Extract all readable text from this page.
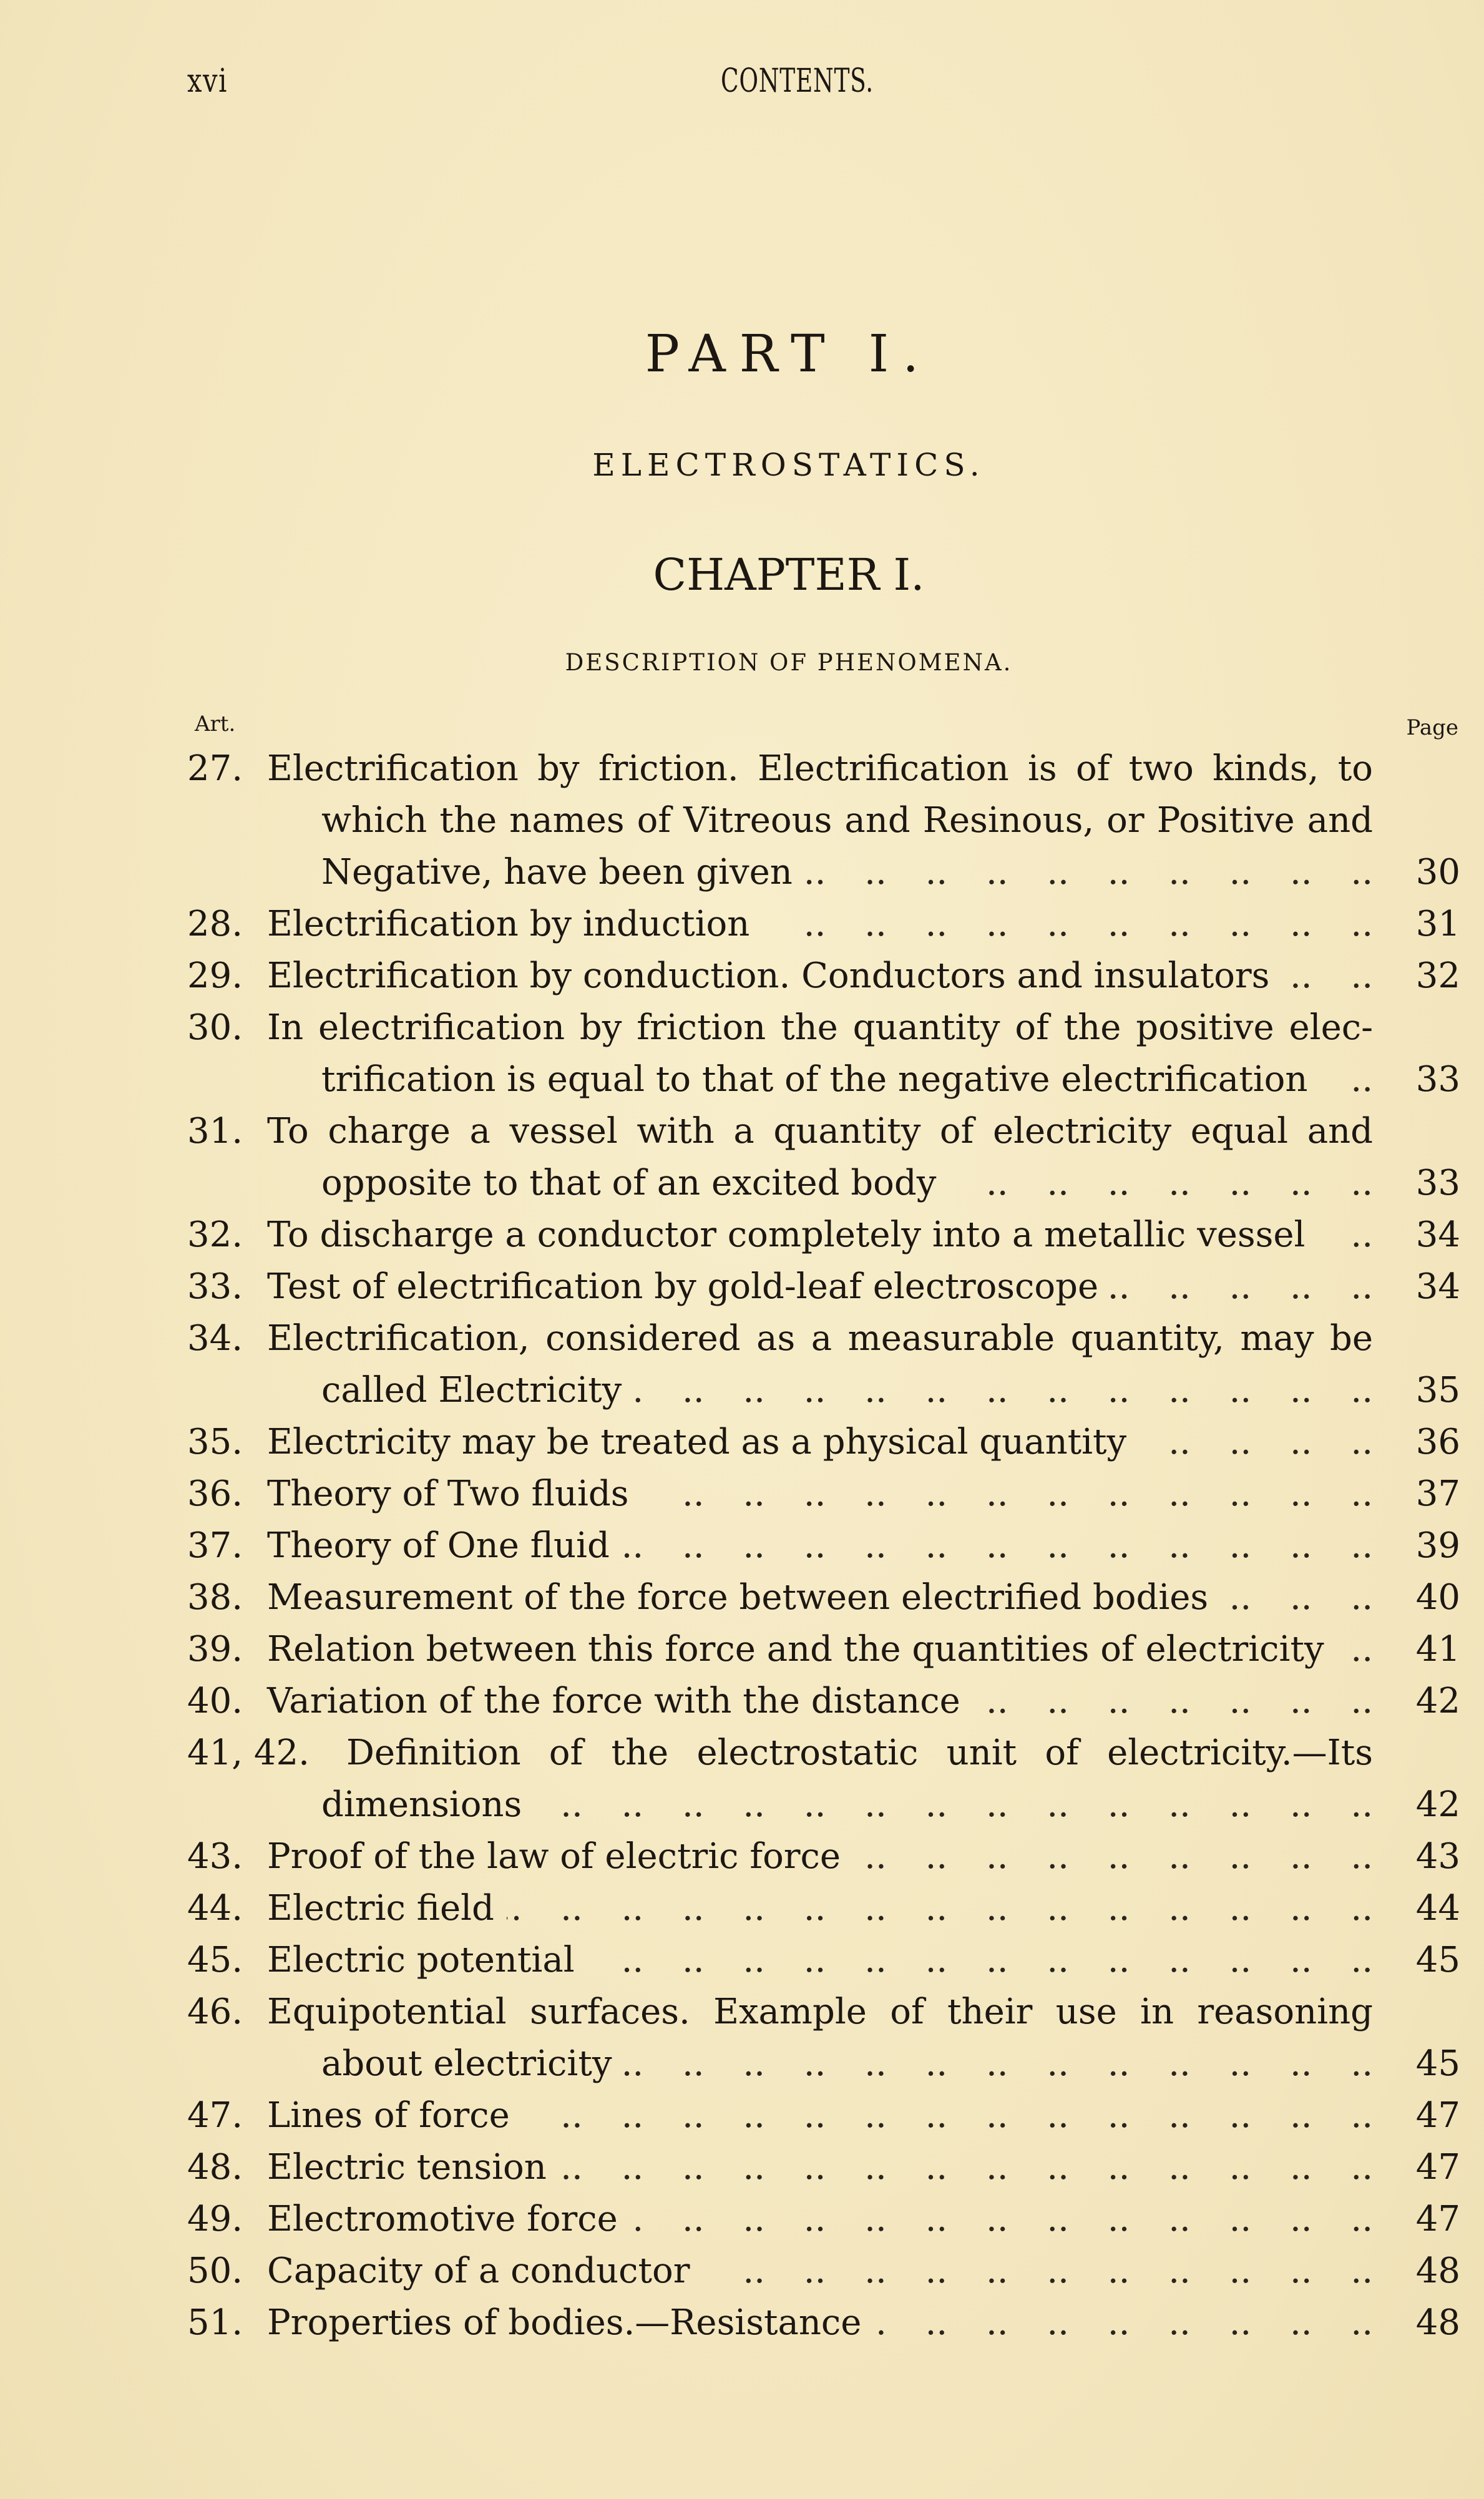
xvi	CONTENTS.
PART I.
ELECTROSTATICS.
CHAPTER I.
DESCRIPTION OF PHENOMENA.
Art.	Page
27. Electrification by friction. Electrification is of two kinds, to
which the names of Vitreous and Resinous, or Positive and
Negative, have been given .. ..	30
28. Electrification by induction .. ..	31
29. Electrification by conduction. Conductors and insulators .. ..	32
30. In electrification by friction the quantity of the positive elec-
trification is equal to that of the negative electrification .. ..	33
31. To charge a vessel with a quantity of electricity equal and
opposite to that of an excited body .. ..	33
32. To discharge a conductor completely into a metallic vessel .. ..	34
33. Test of electrification by gold-leaf electroscope .. ..	34
34. Electrification, considered as a measurable quantity, may be
called Electricity .. ..	35
35. Electricity may be treated as a physical quantity .. ..	36
36. Theory of Two fluids .. ..	37
37. Theory of One fluid .. ..	39
38. Measurement of the force between electrified bodies .. ..	40
39. Relation between this force and the quantities of electricity .. ..	41
40. Variation of the force with the distance .. ..	42
41, 42. Definition of the electrostatic unit of electricity.—Its
dimensions .. ..	42
43. Proof of the law of electric force .. ..	43
44. Electric field .. ..	44
45. Electric potential .. ..	45
46. Equipotential surfaces. Example of their use in reasoning
about electricity .. ..	45
47. Lines of force .. ..	47
48. Electric tension .. ..	47
49. Electromotive force .. ..	47
50. Capacity of a conductor .. ..	48
51. Properties of bodies.—Resistance .. ..	48
